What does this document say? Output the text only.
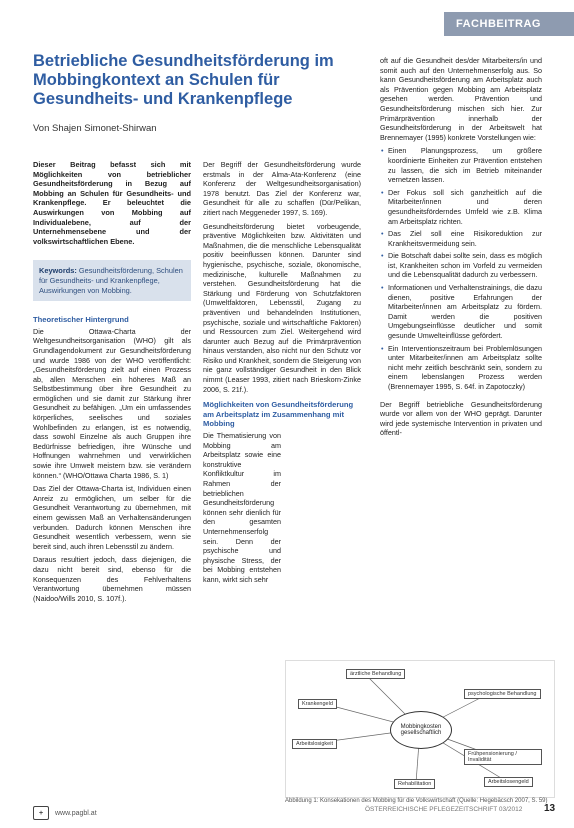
FACHBEITRAG
Betriebliche Gesundheitsförderung im Mobbingkontext an Schulen für Gesundheits- und Krankenpflege
Von Shajen Simonet-Shirwan

Dieser Beitrag befasst sich mit Möglichkeiten von betrieblicher Gesundheitsförderung in Bezug auf Mobbing an Schulen für Gesundheits- und Krankenpflege. Er beleuchtet die Auswirkungen von Mobbing auf Individualebene, auf der Unternehmensebene und der volkswirtschaftlichen Ebene.

Keywords: Gesundheitsförderung, Schulen für Gesundheits- und Krankenpflege, Auswirkungen von Mobbing.
Theoretischer Hintergrund

Die Ottawa-Charta der Weltgesundheitsorganisation (WHO) gilt als Grundlagendokument zur Gesundheitsförderung und wurde 1986 von der WHO veröffentlicht: „Gesundheitsförderung zielt auf einen Prozess ab, allen Menschen ein höheres Maß an Selbstbestimmung über ihre Gesundheit zu ermöglichen und sie damit zur Stärkung ihrer Gesundheit zu befähigen. „Um ein umfassendes körperliches, seelisches und soziales Wohlbefinden zu erlangen, ist es notwendig, dass sowohl Einzelne als auch Gruppen ihre Bedürfnisse befriedigen, ihre Wünsche und Hoffnungen wahrnehmen und verwirklichen sowie ihre Umwelt meistern bzw. sie verändern können.“ (WHO/Ottawa Charta 1986, S. 1)

Das Ziel der Ottawa-Charta ist, Individuen einen Anreiz zu ermöglichen, um selber für die Gesundheit Verantwortung zu übernehmen, mit einem gewissen Maß an Verhaltensänderungen verbunden. Dadurch können Menschen ihre Gesundheit wesentlich verbessern, wenn sie bereit sind, auch ihren Lebensstil zu ändern.

Daraus resultiert jedoch, dass diejenigen, die dazu nicht bereit sind, ebenso für die Konsequenzen des Fehlverhaltens Verantwortung übernehmen müssen (Naidoo/Wills 2010, S. 107f.).

Der Begriff der Gesundheitsförderung wurde erstmals in der Alma-Ata-Konferenz (eine Konferenz der Weltgesundheitsorganisation) 1978 benutzt. Das Ziel der Konferenz war, Gesundheit für alle zu schaffen (Dür/Pelikan, zitiert nach Meggeneder 1997, S. 169).

Gesundheitsförderung bietet vorbeugende, präventive Möglichkeiten bzw. Aktivitäten und Maßnahmen, die die menschliche Lebensqualität positiv beeinflussen können. Darunter sind hygienische, psychische, soziale, ökonomische, medizinische, kulturelle Maßnahmen zu verstehen. Gesundheitsförderung hat die Stärkung und Förderung von Schutzfaktoren (Umweltfaktoren, Lebensstil, Zugang zu präventiven und behandelnden Institutionen, psychische, soziale und wirtschaftliche Faktoren) und Ressourcen zum Ziel. Weitergehend wird darunter auch Bezug auf die Primärprävention hinaus verstanden, also nicht nur den Schutz vor Risiko und Krankheit, sondern die Steigerung von nie ganz vollständiger Gesundheit in den Blick nimmt (Leaser 1993, zitiert nach Brieskorn-Zinke 2006, S. 21f.).

Möglichkeiten von Gesundheitsförderung am Arbeitsplatz im Zusammenhang mit Mobbing

Die Thematisierung von Mobbing am Arbeitsplatz sowie eine konstruktive Konfliktkultur im Rahmen der betrieblichen Gesundheitsförderung können sehr dienlich für den gesamten Unternehmenserfolg sein. Denn der psychische und physische Stress, der bei Mobbing entstehen kann, wirkt sich sehr

oft auf die Gesundheit des/der Mitarbeiters/in und somit auch auf den Unternehmenserfolg aus. So kann Gesundheitsförderung am Arbeitsplatz auch als Prävention gegen Mobbing am Arbeitsplatz gesehen werden. Prävention und Gesundheitsförderung mischen sich hier. Zur Primärprävention innerhalb der Gesundheitsförderung in der Arbeitswelt hat Brennemayer (1995) konkrete Vorstellungen wie:

• Einen Planungsprozess, um größere koordinierte Einheiten zur Prävention entstehen zu lassen, die sich im Betrieb miteinander vernetzen lassen.
• Der Fokus soll sich ganzheitlich auf die Mitarbeiter/innen und deren gesundheitsförderndes Umfeld wie z.B. Klima am Arbeitsplatz richten.
• Das Ziel soll eine Risikoreduktion zur Krankheitsvermeidung sein.
• Die Botschaft dabei sollte sein, dass es möglich ist, Krankheiten schon im Vorfeld zu vermeiden und die Lebensqualität dadurch zu verbessern.
• Informationen und Verhaltenstrainings, die dazu dienen, positive Erfahrungen der Mitarbeiter/innen am Arbeitsplatz zu fördern. Damit werden die positiven Umgebungseinflüsse deutlicher und somit gesunde Umwelteinflüsse gefördert.
• Ein Interventionszeitraum bei Problemlösungen unter Mitarbeiter/innen am Arbeitsplatz sollte nicht mehr zeitlich beschränkt sein, sondern zu einem lebenslangen Prozess werden (Brennemayer 1995, S. 64f. in Zapotoczky)

Der Begriff betriebliche Gesundheitsförderung wurde vor allem von der WHO geprägt. Darunter wird jede systemische Intervention in privaten und öffentl-

ärztliche Behandlung
psychologische Behandlung
Krankengeld
Arbeitslosigkeit
Frühpensionierung / Invalidität
Rehabilitation	Arbeitslosengeld
Mobbingkosten gesellschaftlich
Abbildung 1: Konsekationen des Mobbing für die Volkswirtschaft (Quelle: Hegebäcsch 2007, S. 59)
+ www.pagbl.at	ÖSTERREICHISCHE PFLEGEZEITSCHRIFT 03/2012 13
